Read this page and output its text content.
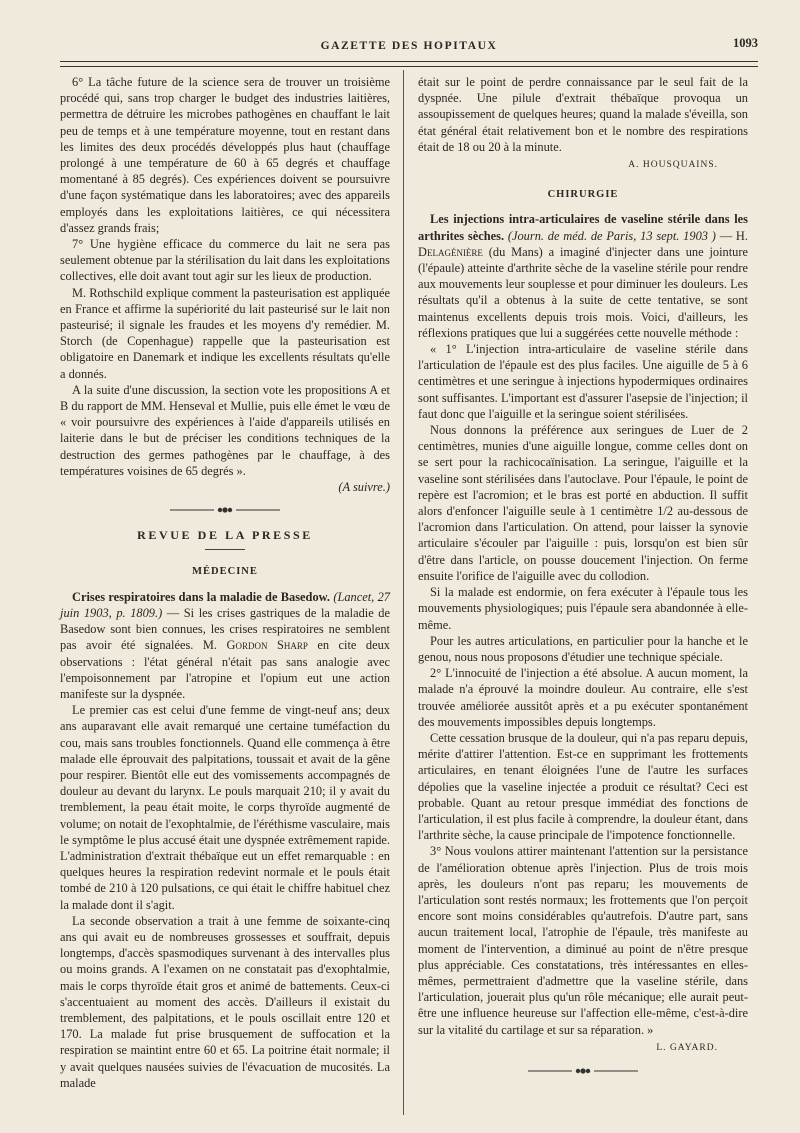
GAZETTE DES HOPITAUX	1093

6° La tâche future de la science sera de trouver un troisième procédé qui, sans trop charger le budget des industries laitières, permettra de détruire les microbes pathogènes en chauffant le lait peu de temps et à une température moyenne, tout en restant dans les limites des deux procédés développés plus haut (chauffage prolongé à une température de 60 à 65 degrés et chauffage momentané à 85 degrés). Ces expériences doivent se poursuivre d'une façon systématique dans les laboratoires; avec des appareils employés dans les exploitations laitières, ce qui nécessitera d'assez grands frais;

7° Une hygiène efficace du commerce du lait ne sera pas seulement obtenue par la stérilisation du lait dans les exploitations collectives, elle doit avant tout agir sur les lieux de production.

M. Rothschild explique comment la pasteurisation est appliquée en France et affirme la supériorité du lait pasteurisé sur le lait non pasteurisé; il signale les fraudes et les moyens d'y remédier. M. Storch (de Copenhague) rappelle que la pasteurisation est obligatoire en Danemark et indique les excellents résultats qu'elle a donnés.

A la suite d'une discussion, la section vote les propositions A et B du rapport de MM. Henseval et Mullie, puis elle émet le vœu de « voir poursuivre des expériences à l'aide d'appareils utilisés en laiterie dans le but de préciser les conditions techniques de la destruction des germes pathogènes par le chauffage, à des températures voisines de 65 degrés ».

(A suivre.)
REVUE DE LA PRESSE
MÉDECINE

Crises respiratoires dans la maladie de Basedow. (Lancet, 27 juin 1903, p. 1809.) — Si les crises gastriques de la maladie de Basedow sont bien connues, les crises respiratoires ne semblent pas avoir été signalées. M. Gordon Sharp en cite deux observations : l'état général n'était pas sans analogie avec l'empoisonnement par l'atropine et l'opium eut une action manifeste sur la dyspnée.

Le premier cas est celui d'une femme de vingt-neuf ans; deux ans auparavant elle avait remarqué une certaine tuméfaction du cou, mais sans troubles fonctionnels. Quand elle commença à être malade elle éprouvait des palpitations, toussait et avait de la gêne pour respirer. Bientôt elle eut des vomissements accompagnés de douleur au devant du larynx. Le pouls marquait 210; il y avait du tremblement, la peau était moite, le corps thyroïde augmenté de volume; on notait de l'exophtalmie, de l'éréthisme vasculaire, mais le symptôme le plus accusé était une dyspnée extrêmement rapide. L'administration d'extrait thébaïque eut un effet remarquable : en quelques heures la respiration redevint normale et le pouls était tombé de 210 à 120 pulsations, ce qui était le chiffre habituel chez la malade dont il s'agit.

La seconde observation a trait à une femme de soixante-cinq ans qui avait eu de nombreuses grossesses et souffrait, depuis longtemps, d'accès spasmodiques survenant à des intervalles plus ou moins grands. A l'examen on ne constatait pas d'exophtalmie, mais le corps thyroïde était gros et animé de battements. Ceux-ci s'accentuaient au moment des accès. D'ailleurs il existait du tremblement, des palpitations, et le pouls oscillait entre 120 et 170. La malade fut prise brusquement de suffocation et la respiration se maintint entre 60 et 65. La poitrine était normale; il y avait quelques nausées suivies de l'évacuation de mucosités. La malade

était sur le point de perdre connaissance par le seul fait de la dyspnée. Une pilule d'extrait thébaïque provoqua un assoupissement de quelques heures; quand la malade s'éveilla, son état général était relativement bon et le nombre des respirations était de 18 ou 20 à la minute.

A. HOUSQUAINS.
CHIRURGIE

Les injections intra-articulaires de vaseline stérile dans les arthrites sèches. (Journ. de méd. de Paris, 13 sept. 1903 ) — H. Delagénière (du Mans) a imaginé d'injecter dans une jointure (l'épaule) atteinte d'arthrite sèche de la vaseline stérile pour rendre aux mouvements leur souplesse et pour diminuer les douleurs. Les résultats qu'il a obtenus à la suite de cette tentative, se sont maintenus excellents depuis trois mois. Voici, d'ailleurs, les réflexions pratiques que lui a suggérées cette nouvelle méthode :

« 1° L'injection intra-articulaire de vaseline stérile dans l'articulation de l'épaule est des plus faciles. Une aiguille de 5 à 6 centimètres et une seringue à injections hypodermiques ordinaires sont suffisantes. L'important est d'assurer l'asepsie de l'injection; il faut donc que l'aiguille et la seringue soient stérilisées.

Nous donnons la préférence aux seringues de Luer de 2 centimètres, munies d'une aiguille longue, comme celles dont on se sert pour la rachicocaïnisation. La seringue, l'aiguille et la vaseline sont stérilisées dans l'autoclave. Pour l'épaule, le point de repère est l'acromion; et le bras est porté en abduction. Il suffit alors d'enfoncer l'aiguille seule à 1 centimètre 1/2 au-dessous de l'acromion dans l'articulation. On attend, pour laisser la synovie articulaire s'écouler par l'aiguille : puis, lorsqu'on est bien sûr d'être dans l'article, on pousse doucement l'injection. On ferme ensuite l'orifice de l'aiguille avec du collodion.

Si la malade est endormie, on fera exécuter à l'épaule tous les mouvements physiologiques; puis l'épaule sera abandonnée à elle-même.

Pour les autres articulations, en particulier pour la hanche et le genou, nous nous proposons d'étudier une technique spéciale.

2° L'innocuité de l'injection a été absolue. A aucun moment, la malade n'a éprouvé la moindre douleur. Au contraire, elle s'est trouvée améliorée aussitôt après et a pu exécuter spontanément des mouvements impossibles depuis longtemps.

Cette cessation brusque de la douleur, qui n'a pas reparu depuis, mérite d'attirer l'attention. Est-ce en supprimant les frottements articulaires, en tenant éloignées l'une de l'autre les surfaces dépolies que la vaseline injectée a produit ce résultat? Ceci est probable. Quant au retour presque immédiat des fonctions de l'articulation, il est plus facile à comprendre, la douleur étant, dans l'arthrite sèche, la cause principale de l'impotence fonctionnelle.

3° Nous voulons attirer maintenant l'attention sur la persistance de l'amélioration obtenue après l'injection. Plus de trois mois après, les douleurs n'ont pas reparu; les mouvements de l'articulation sont restés normaux; les frottements que l'on perçoit encore sont moins considérables qu'autrefois. D'autre part, sans aucun traitement local, l'atrophie de l'épaule, très manifeste au moment de l'intervention, a diminué au point de n'être presque plus appréciable. Ces constatations, très intéressantes en elles-mêmes, permettraient d'admettre que la vaseline stérile, dans l'articulation, jouerait plus qu'un rôle mécanique; elle aurait peut-être une influence heureuse sur l'affection elle-même, c'est-à-dire sur la vitalité du cartilage et sur sa réparation. »

L. GAYARD.
